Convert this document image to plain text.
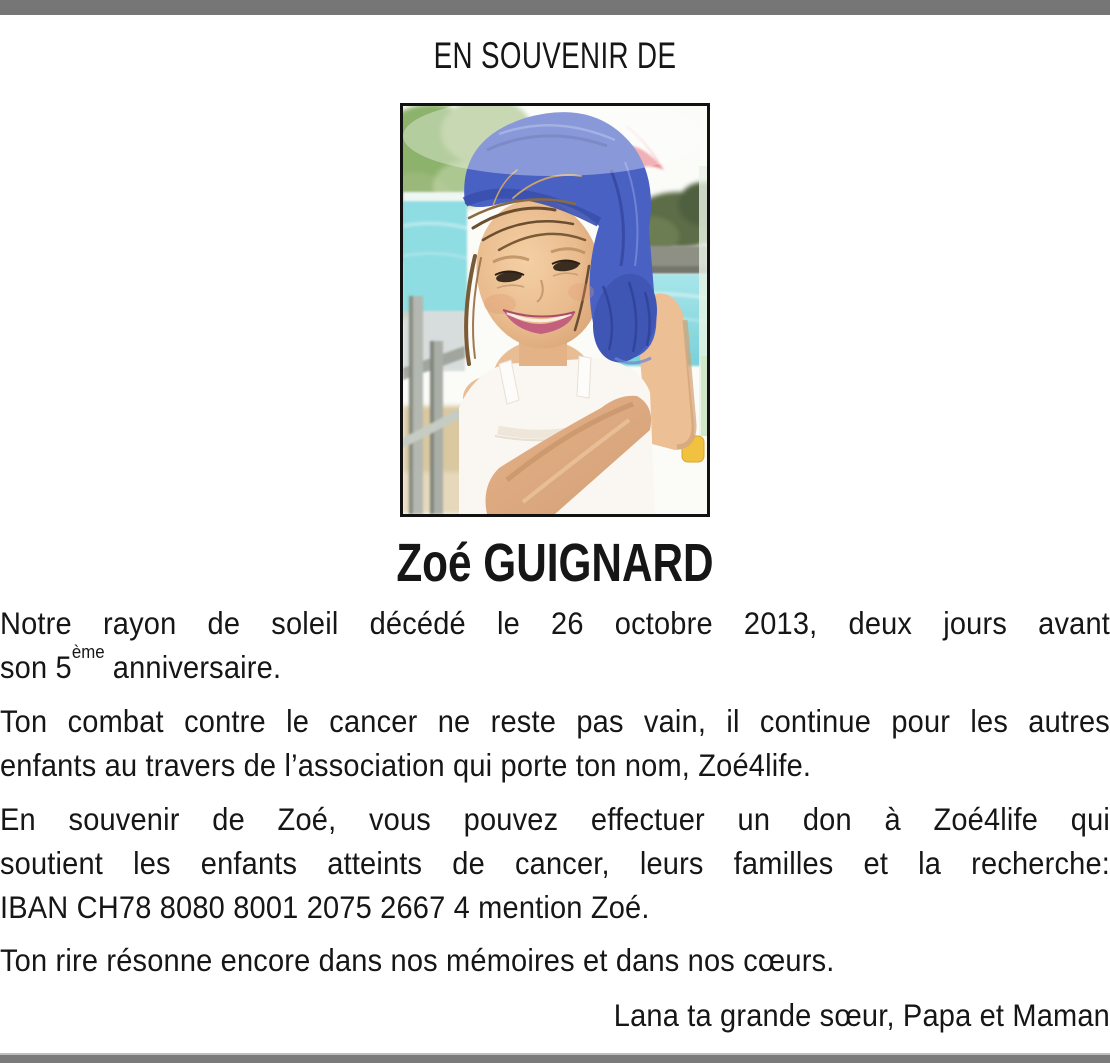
EN SOUVENIR DE
Zoé GUIGNARD
Notre rayon de soleil décédé le 26 octobre 2013, deux jours avant
son 5ème anniversaire.
Ton combat contre le cancer ne reste pas vain, il continue pour les autres
enfants au travers de l’association qui porte ton nom, Zoé4life.
En souvenir de Zoé, vous pouvez effectuer un don à Zoé4life qui
soutient les enfants atteints de cancer, leurs familles et la recherche:
IBAN CH78 8080 8001 2075 2667 4 mention Zoé.
Ton rire résonne encore dans nos mémoires et dans nos cœurs.
Lana ta grande sœur, Papa et Maman
